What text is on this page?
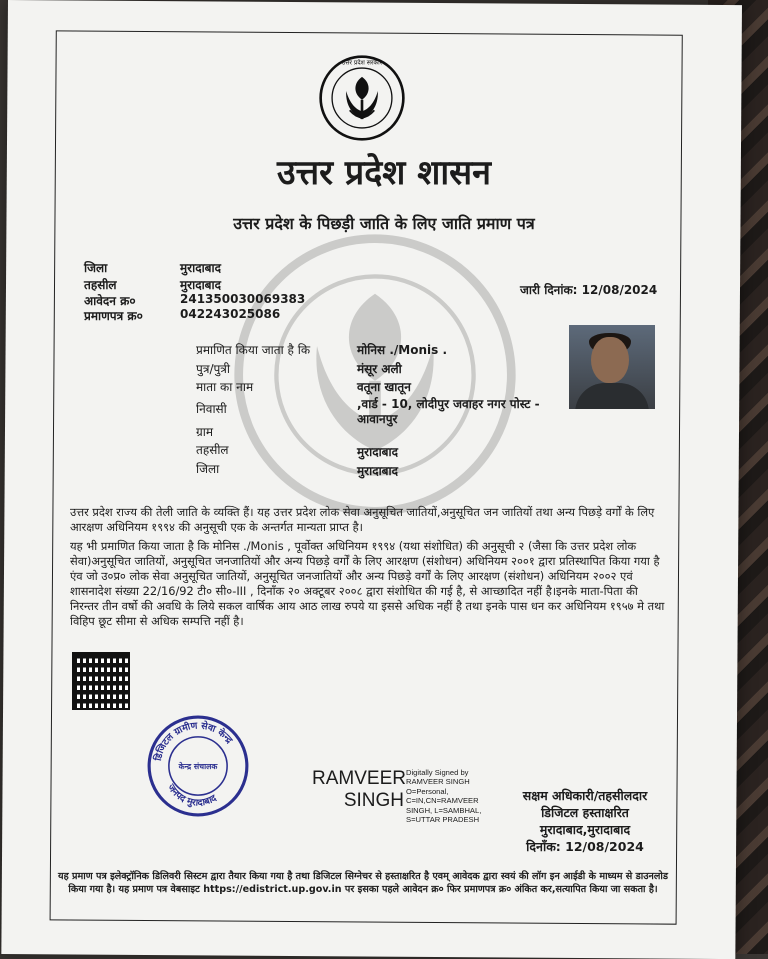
उत्तर प्रदेश सरकार
उत्तर प्रदेश शासन
उत्तर प्रदेश के पिछड़ी जाति के लिए जाति प्रमाण पत्र
जिला	मुरादाबाद
तहसील	मुरादाबाद
आवेदन क्र०	241350030069383
प्रमाणपत्र क्र०	042243025086
जारी दिनांक: 12/08/2024
प्रमाणित किया जाता है कि	मोनिस ./Monis .
पुत्र/पुत्री	मंसूर अली
माता का नाम	वतूना खातून
निवासी	,वार्ड - 10, लोदीपुर जवाहर नगर पोस्ट -
आवानपुर
ग्राम
तहसील	मुरादाबाद
जिला	मुरादाबाद
उत्तर प्रदेश राज्य की तेली जाति के व्यक्ति हैं। यह उत्तर प्रदेश लोक सेवा अनुसूचित जातियों,अनुसूचित जन जातियों तथा अन्य पिछड़े वर्गों के लिए आरक्षण अधिनियम १९९४ की अनुसूची एक के अन्तर्गत मान्यता प्राप्त है।
यह भी प्रमाणित किया जाता है कि मोनिस ./Monis , पूर्वोक्त अधिनियम १९९४ (यथा संशोधित) की अनुसूची २ (जैसा कि उत्तर प्रदेश लोक सेवा)अनुसूचित जातियों, अनुसूचित जनजातियों और अन्य पिछड़े वर्गों के लिए आरक्षण (संशोधन) अधिनियम २००१ द्वारा प्रतिस्थापित किया गया है एंव जो उ०प्र० लोक सेवा अनुसूचित जातियों, अनुसूचित जनजातियों और अन्य पिछड़े वर्गों के लिए आरक्षण (संशोधन) अधिनियम २००२ एवं शासनादेश संख्या 22/16/92 टी० सी०-III , दिनाँक २० अक्टूबर २००८ द्वारा संशोधित की गई है, से आच्छादित नहीं है।इनके माता-पिता की निरन्तर तीन वर्षो की अवधि के लिये सकल वार्षिक आय आठ लाख रुपये या इससे अधिक नहीं है तथा इनके पास धन कर अधिनियम १९५७ मे तथा विहिप छूट सीमा से अधिक सम्पत्ति नहीं है।
डिजिटल ग्रामीण सेवा केन्द्र
जनपद मुरादाबाद
केन्द्र संचालक
RAMVEER
SINGH
Digitally Signed by RAMVEER SINGH O=Personal, C=IN,CN=RAMVEER SINGH, L=SAMBHAL, S=UTTAR PRADESH
सक्षम अधिकारी/तहसीलदार
डिजिटल हस्ताक्षरित
मुरादाबाद,मुरादाबाद
दिनाँक: 12/08/2024
यह प्रमाण पत्र इलेक्ट्रॉनिक डिलिवरी सिस्टम द्वारा तैयार किया गया है तथा डिजिटल सिग्नेचर से हस्ताक्षरित है एवम् आवेदक द्वारा स्वयं की लॉग इन आईडी के माध्यम से डाउनलोड किया गया है। यह प्रमाण पत्र वेबसाइट https://edistrict.up.gov.in पर इसका पहले आवेदन क्र० फिर प्रमाणपत्र क्र० अंकित कर,सत्यापित किया जा सकता है।
